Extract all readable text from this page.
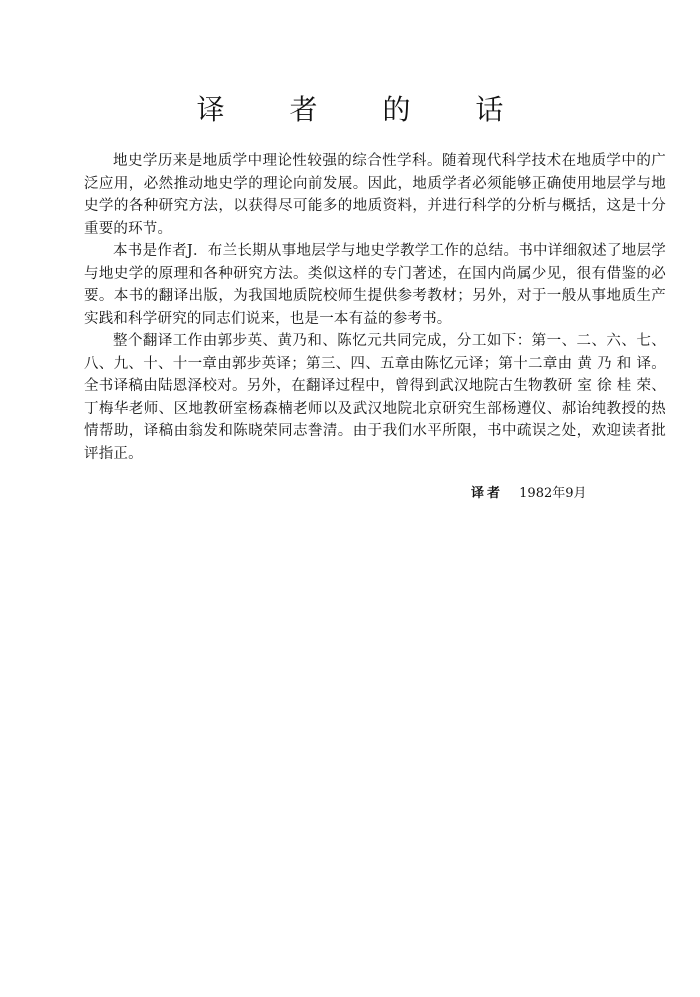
译 者 的 话

地史学历来是地质学中理论性较强的综合性学科。随着现代科学技术在地质学中的广泛应用，必然推动地史学的理论向前发展。因此，地质学者必须能够正确使用地层学与地史学的各种研究方法，以获得尽可能多的地质资料，并进行科学的分析与概括，这是十分重要的环节。

本书是作者J．布兰长期从事地层学与地史学教学工作的总结。书中详细叙述了地层学与地史学的原理和各种研究方法。类似这样的专门著述，在国内尚属少见，很有借鉴的必要。本书的翻译出版，为我国地质院校师生提供参考教材；另外，对于一般从事地质生产实践和科学研究的同志们说来，也是一本有益的参考书。

整个翻译工作由郭步英、黄乃和、陈忆元共同完成，分工如下：第一、二、六、七、八、九、十、十一章由郭步英译；第三、四、五章由陈忆元译；第十二章由 黄 乃 和 译。全书译稿由陆恩泽校对。另外，在翻译过程中，曾得到武汉地院古生物教研 室 徐 桂 荣、丁梅华老师、区地教研室杨森楠老师以及武汉地院北京研究生部杨遵仪、郝诒纯教授的热情帮助，译稿由翁发和陈晓荣同志誊清。由于我们水平所限，书中疏误之处，欢迎读者批评指正。

译者 1982年9月
